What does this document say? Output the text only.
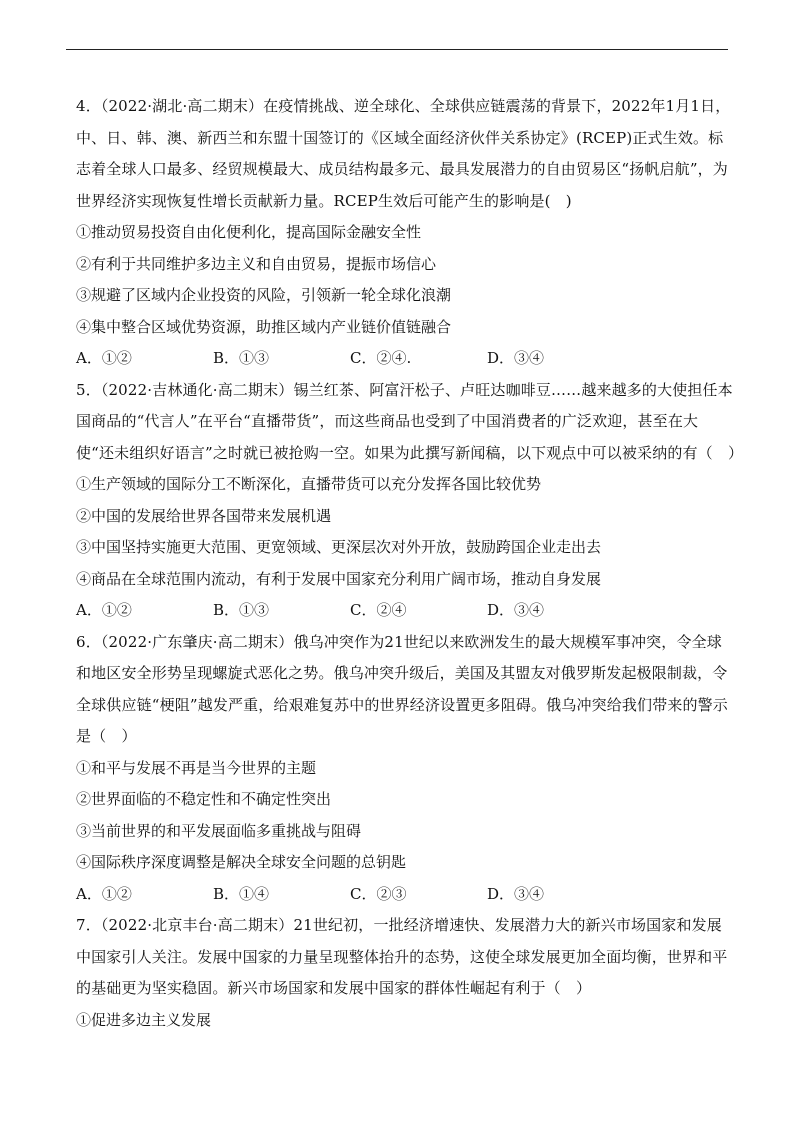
4．（2022·湖北·高二期末）在疫情挑战、逆全球化、全球供应链震荡的背景下，2022年1月1日，中、日、韩、澳、新西兰和东盟十国签订的《区域全面经济伙伴关系协定》(RCEP)正式生效。标志着全球人口最多、经贸规模最大、成员结构最多元、最具发展潜力的自由贸易区“扬帆启航”，为世界经济实现恢复性增长贡献新力量。RCEP生效后可能产生的影响是(　)

①推动贸易投资自由化便利化，提高国际金融安全性

②有利于共同维护多边主义和自由贸易，提振市场信心

③规避了区域内企业投资的风险，引领新一轮全球化浪潮

④集中整合区域优势资源，助推区域内产业链价值链融合

A．①②	B．①③	C．②④.	D．③④

5．（2022·吉林通化·高二期末）锡兰红茶、阿富汗松子、卢旺达咖啡豆……越来越多的大使担任本国商品的“代言人”在平台“直播带货”，而这些商品也受到了中国消费者的广泛欢迎，甚至在大使“还未组织好语言”之时就已被抢购一空。如果为此撰写新闻稿，以下观点中可以被采纳的有（　）

①生产领域的国际分工不断深化，直播带货可以充分发挥各国比较优势

②中国的发展给世界各国带来发展机遇

③中国坚持实施更大范围、更宽领域、更深层次对外开放，鼓励跨国企业走出去

④商品在全球范围内流动，有利于发展中国家充分利用广阔市场，推动自身发展

A．①②	B．①③	C．②④	D．③④

6．（2022·广东肇庆·高二期末）俄乌冲突作为21世纪以来欧洲发生的最大规模军事冲突，令全球和地区安全形势呈现螺旋式恶化之势。俄乌冲突升级后，美国及其盟友对俄罗斯发起极限制裁，令全球供应链“梗阻”越发严重，给艰难复苏中的世界经济设置更多阻碍。俄乌冲突给我们带来的警示是（　）

①和平与发展不再是当今世界的主题

②世界面临的不稳定性和不确定性突出

③当前世界的和平发展面临多重挑战与阻碍

④国际秩序深度调整是解决全球安全问题的总钥匙

A．①②	B．①④	C．②③	D．③④

7．（2022·北京丰台·高二期末）21世纪初，一批经济增速快、发展潜力大的新兴市场国家和发展中国家引人关注。发展中国家的力量呈现整体抬升的态势，这使全球发展更加全面均衡，世界和平的基础更为坚实稳固。新兴市场国家和发展中国家的群体性崛起有利于（　）

①促进多边主义发展
